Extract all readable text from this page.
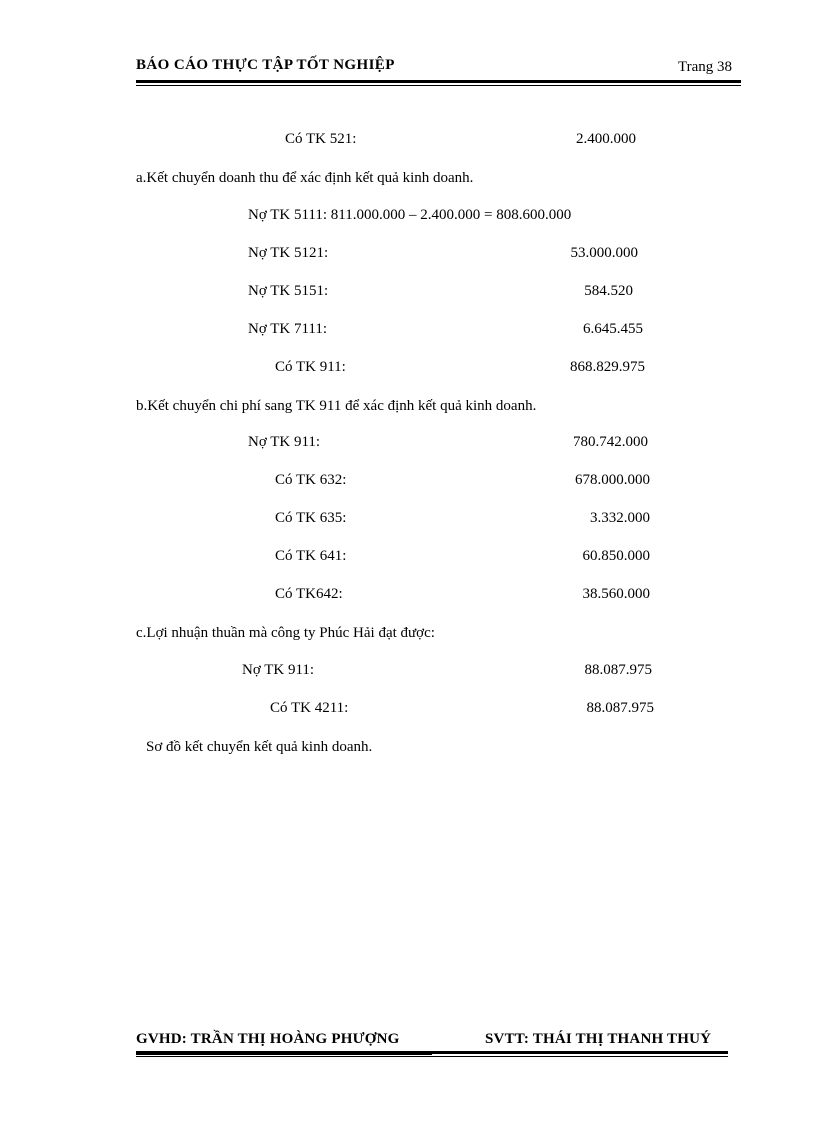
BÁO CÁO THỰC TẬP TỐT NGHIỆP	Trang 38
Có TK 521:	2.400.000
a.Kết chuyển doanh thu để xác định kết quả kinh doanh.
Nợ TK 5111: 811.000.000 – 2.400.000 = 808.600.000
Nợ TK 5121:	53.000.000
Nợ TK 5151:	584.520
Nợ TK 7111:	6.645.455
Có TK 911:	868.829.975
b.Kết chuyển chi phí sang TK 911 để xác định kết quả kinh doanh.
Nợ TK 911:	780.742.000
Có TK 632:	678.000.000
Có TK 635:	3.332.000
Có TK 641:	60.850.000
Có TK642:	38.560.000
c.Lợi nhuận thuần mà công ty Phúc Hải đạt được:
Nợ TK 911:	88.087.975
Có TK 4211:	88.087.975
Sơ đồ kết chuyển kết quả kinh doanh.
GVHD: TRẦN THỊ HOÀNG PHƯỢNG	SVTT: THÁI THỊ THANH THUÝ
